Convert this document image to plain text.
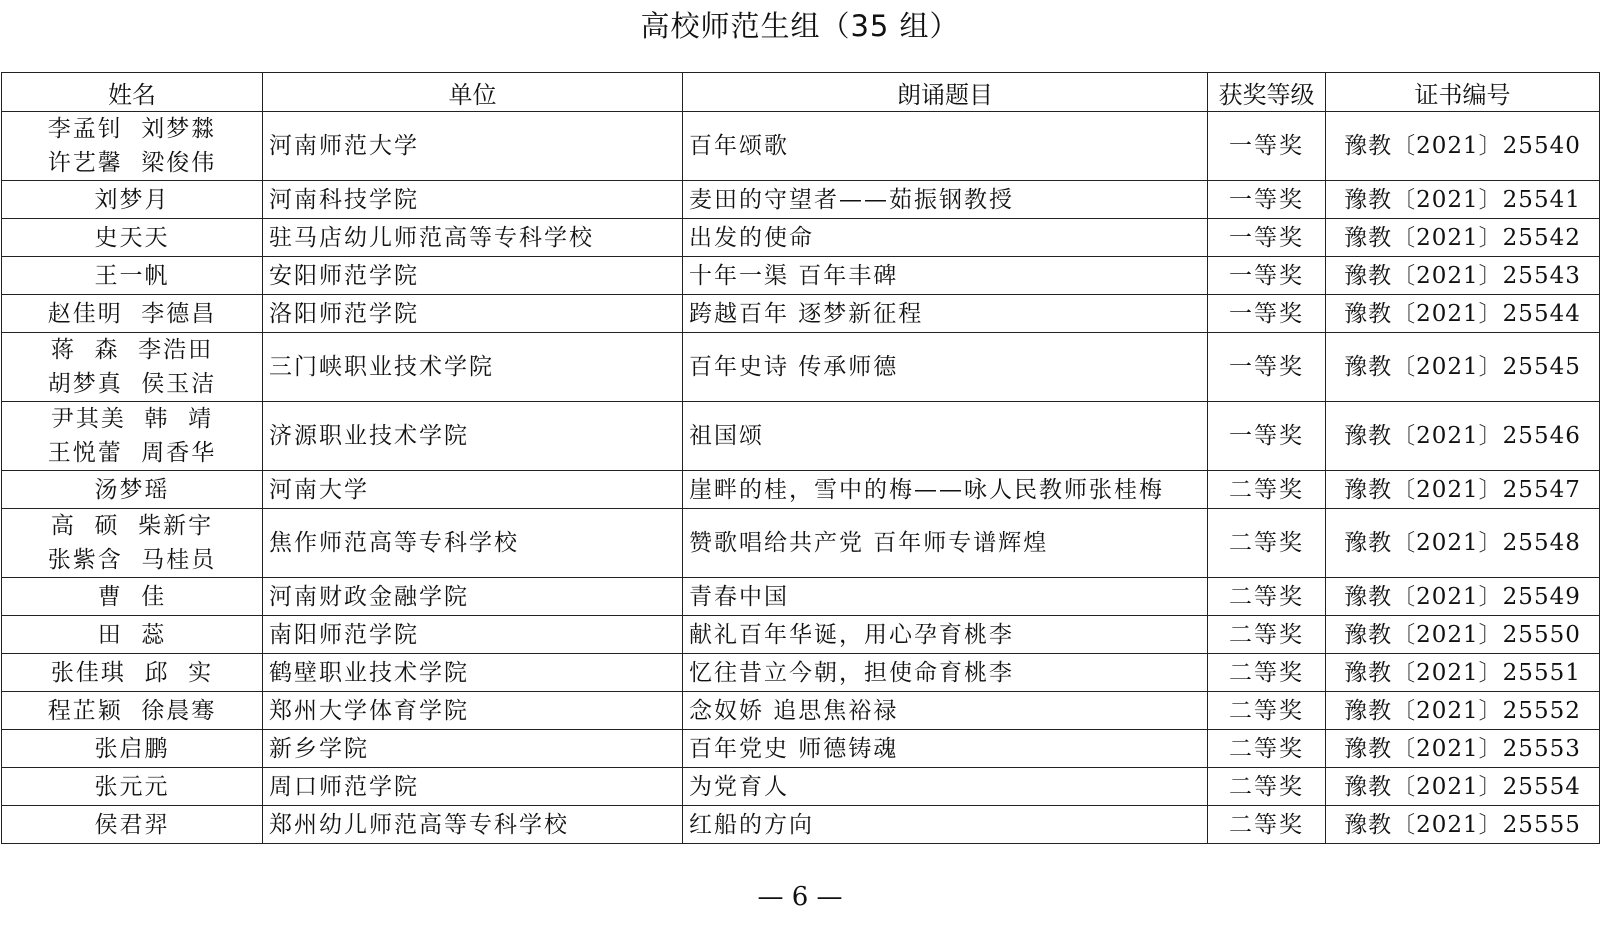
高校师范生组（35 组）
姓名	单位	朗诵题目	获奖等级	证书编号

李孟钊  刘梦㵘
许艺馨  梁俊伟	河南师范大学	百年颂歌	一等奖	豫教〔2021〕25540

刘梦月	河南科技学院	麦田的守望者——茹振钢教授	一等奖	豫教〔2021〕25541

史天天	驻马店幼儿师范高等专科学校	出发的使命	一等奖	豫教〔2021〕25542

王一帆	安阳师范学院	十年一渠 百年丰碑	一等奖	豫教〔2021〕25543

赵佳明  李德昌	洛阳师范学院	跨越百年 逐梦新征程	一等奖	豫教〔2021〕25544

蒋  森  李浩田
胡梦真  侯玉洁	三门峡职业技术学院	百年史诗 传承师德	一等奖	豫教〔2021〕25545

尹其美  韩  靖
王悦蕾  周香华	济源职业技术学院	祖国颂	一等奖	豫教〔2021〕25546

汤梦瑶	河南大学	崖畔的桂，雪中的梅——咏人民教师张桂梅	二等奖	豫教〔2021〕25547

高  硕  柴新宇
张紫含  马桂员	焦作师范高等专科学校	赞歌唱给共产党 百年师专谱辉煌	二等奖	豫教〔2021〕25548

曹  佳	河南财政金融学院	青春中国	二等奖	豫教〔2021〕25549

田  蕊	南阳师范学院	献礼百年华诞，用心孕育桃李	二等奖	豫教〔2021〕25550

张佳琪  邱  实	鹤壁职业技术学院	忆往昔立今朝，担使命育桃李	二等奖	豫教〔2021〕25551

程芷颖  徐晨骞	郑州大学体育学院	念奴娇 追思焦裕禄	二等奖	豫教〔2021〕25552

张启鹏	新乡学院	百年党史 师德铸魂	二等奖	豫教〔2021〕25553

张元元	周口师范学院	为党育人	二等奖	豫教〔2021〕25554

侯君羿	郑州幼儿师范高等专科学校	红船的方向	二等奖	豫教〔2021〕25555
— 6 —
